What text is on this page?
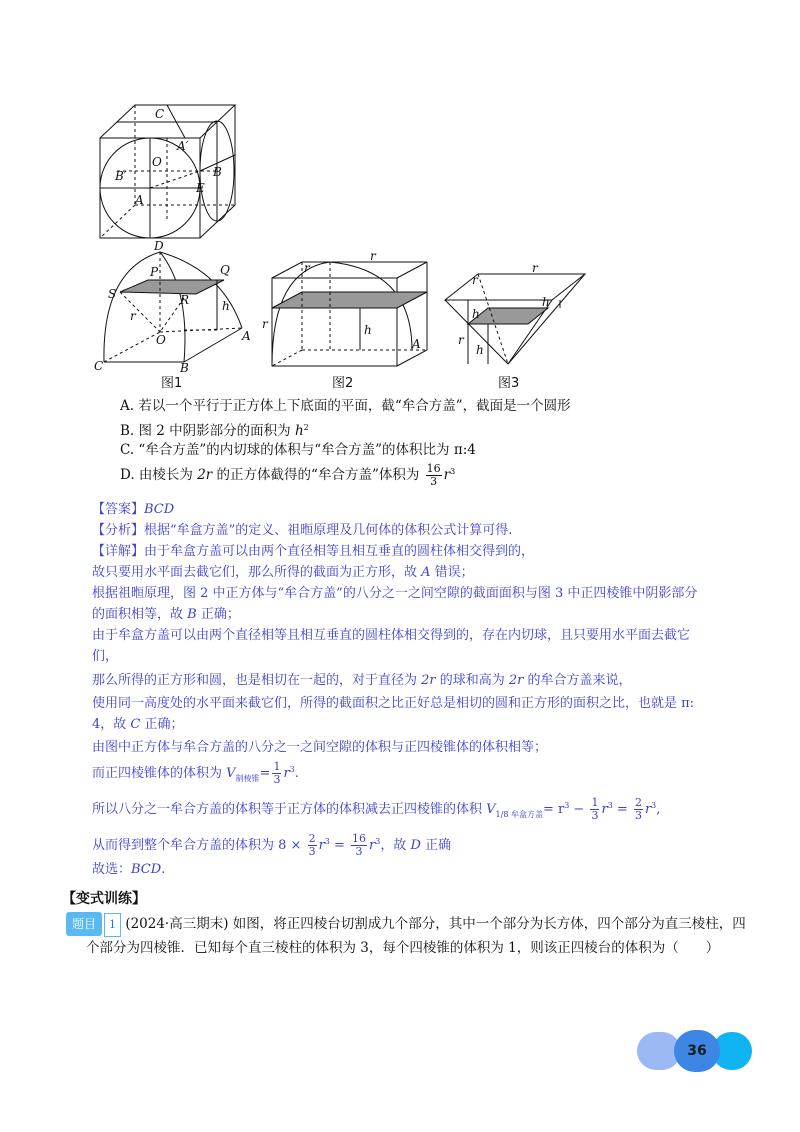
C
O
A′
B′	B
E
A
D
P	Q
S	R	h
r
O	A
B
C
图1
r
r
r	h
A
图2
r
r
h
h
r
h
图3
A. 若以一个平行于正方体上下底面的平面，截“牟合方盖”，截面是一个圆形
B. 图 2 中阴影部分的面积为 $h^2$
C. “牟合方盖”的内切球的体积与“牟合方盖”的体积比为 π:4
D. 由棱长为 2r 的正方体截得的“牟合方盖”体积为 $\frac{16}{3} r^3$
【答案】BCD
【分析】根据“牟盒方盖”的定义、祖暅原理及几何体的体积公式计算可得.
【详解】由于牟盒方盖可以由两个直径相等且相互垂直的圆柱体相交得到的，
故只要用水平面去截它们，那么所得的截面为正方形，故 A 错误；
根据祖暅原理，图 2 中正方体与“牟合方盖”的八分之一之间空隙的截面面积与图 3 中正四棱锥中阴影部分
的面积相等，故 B 正确；
由于牟盒方盖可以由两个直径相等且相互垂直的圆柱体相交得到的，存在内切球，且只要用水平面去截它
们，
那么所得的正方形和圆，也是相切在一起的，对于直径为 2r 的球和高为 2r 的牟合方盖来说，
使用同一高度处的水平面来截它们，所得的截面积之比正好总是相切的圆和正方形的面积之比，也就是 π:
4，故 C 正确；
由图中正方体与牟合方盖的八分之一之间空隙的体积与正四棱锥体的体积相等；
而正四棱锥体的体积为 $V_{制棱锥}= \frac{1}{3} r^3$.
所以八分之一牟合方盖的体积等于正方体的体积减去正四棱锥的体积 $V_{1/8 牟盒方盖}= r^3 - \frac{1}{3} r^3 = \frac{2}{3} r^3$,
从而得到整个牟合方盖的体积为 $8 \times \frac{2}{3} r^3 = \frac{16}{3} r^3$，故 D 正确
故选：BCD.
【变式训练】
题目 1 (2024·高三期末) 如图，将正四棱台切割成九个部分，其中一个部分为长方体，四个部分为直三棱柱，四
个部分为四棱锥．已知每个直三棱柱的体积为 3，每个四棱锥的体积为 1，则该正四棱台的体积为（　　）
36
